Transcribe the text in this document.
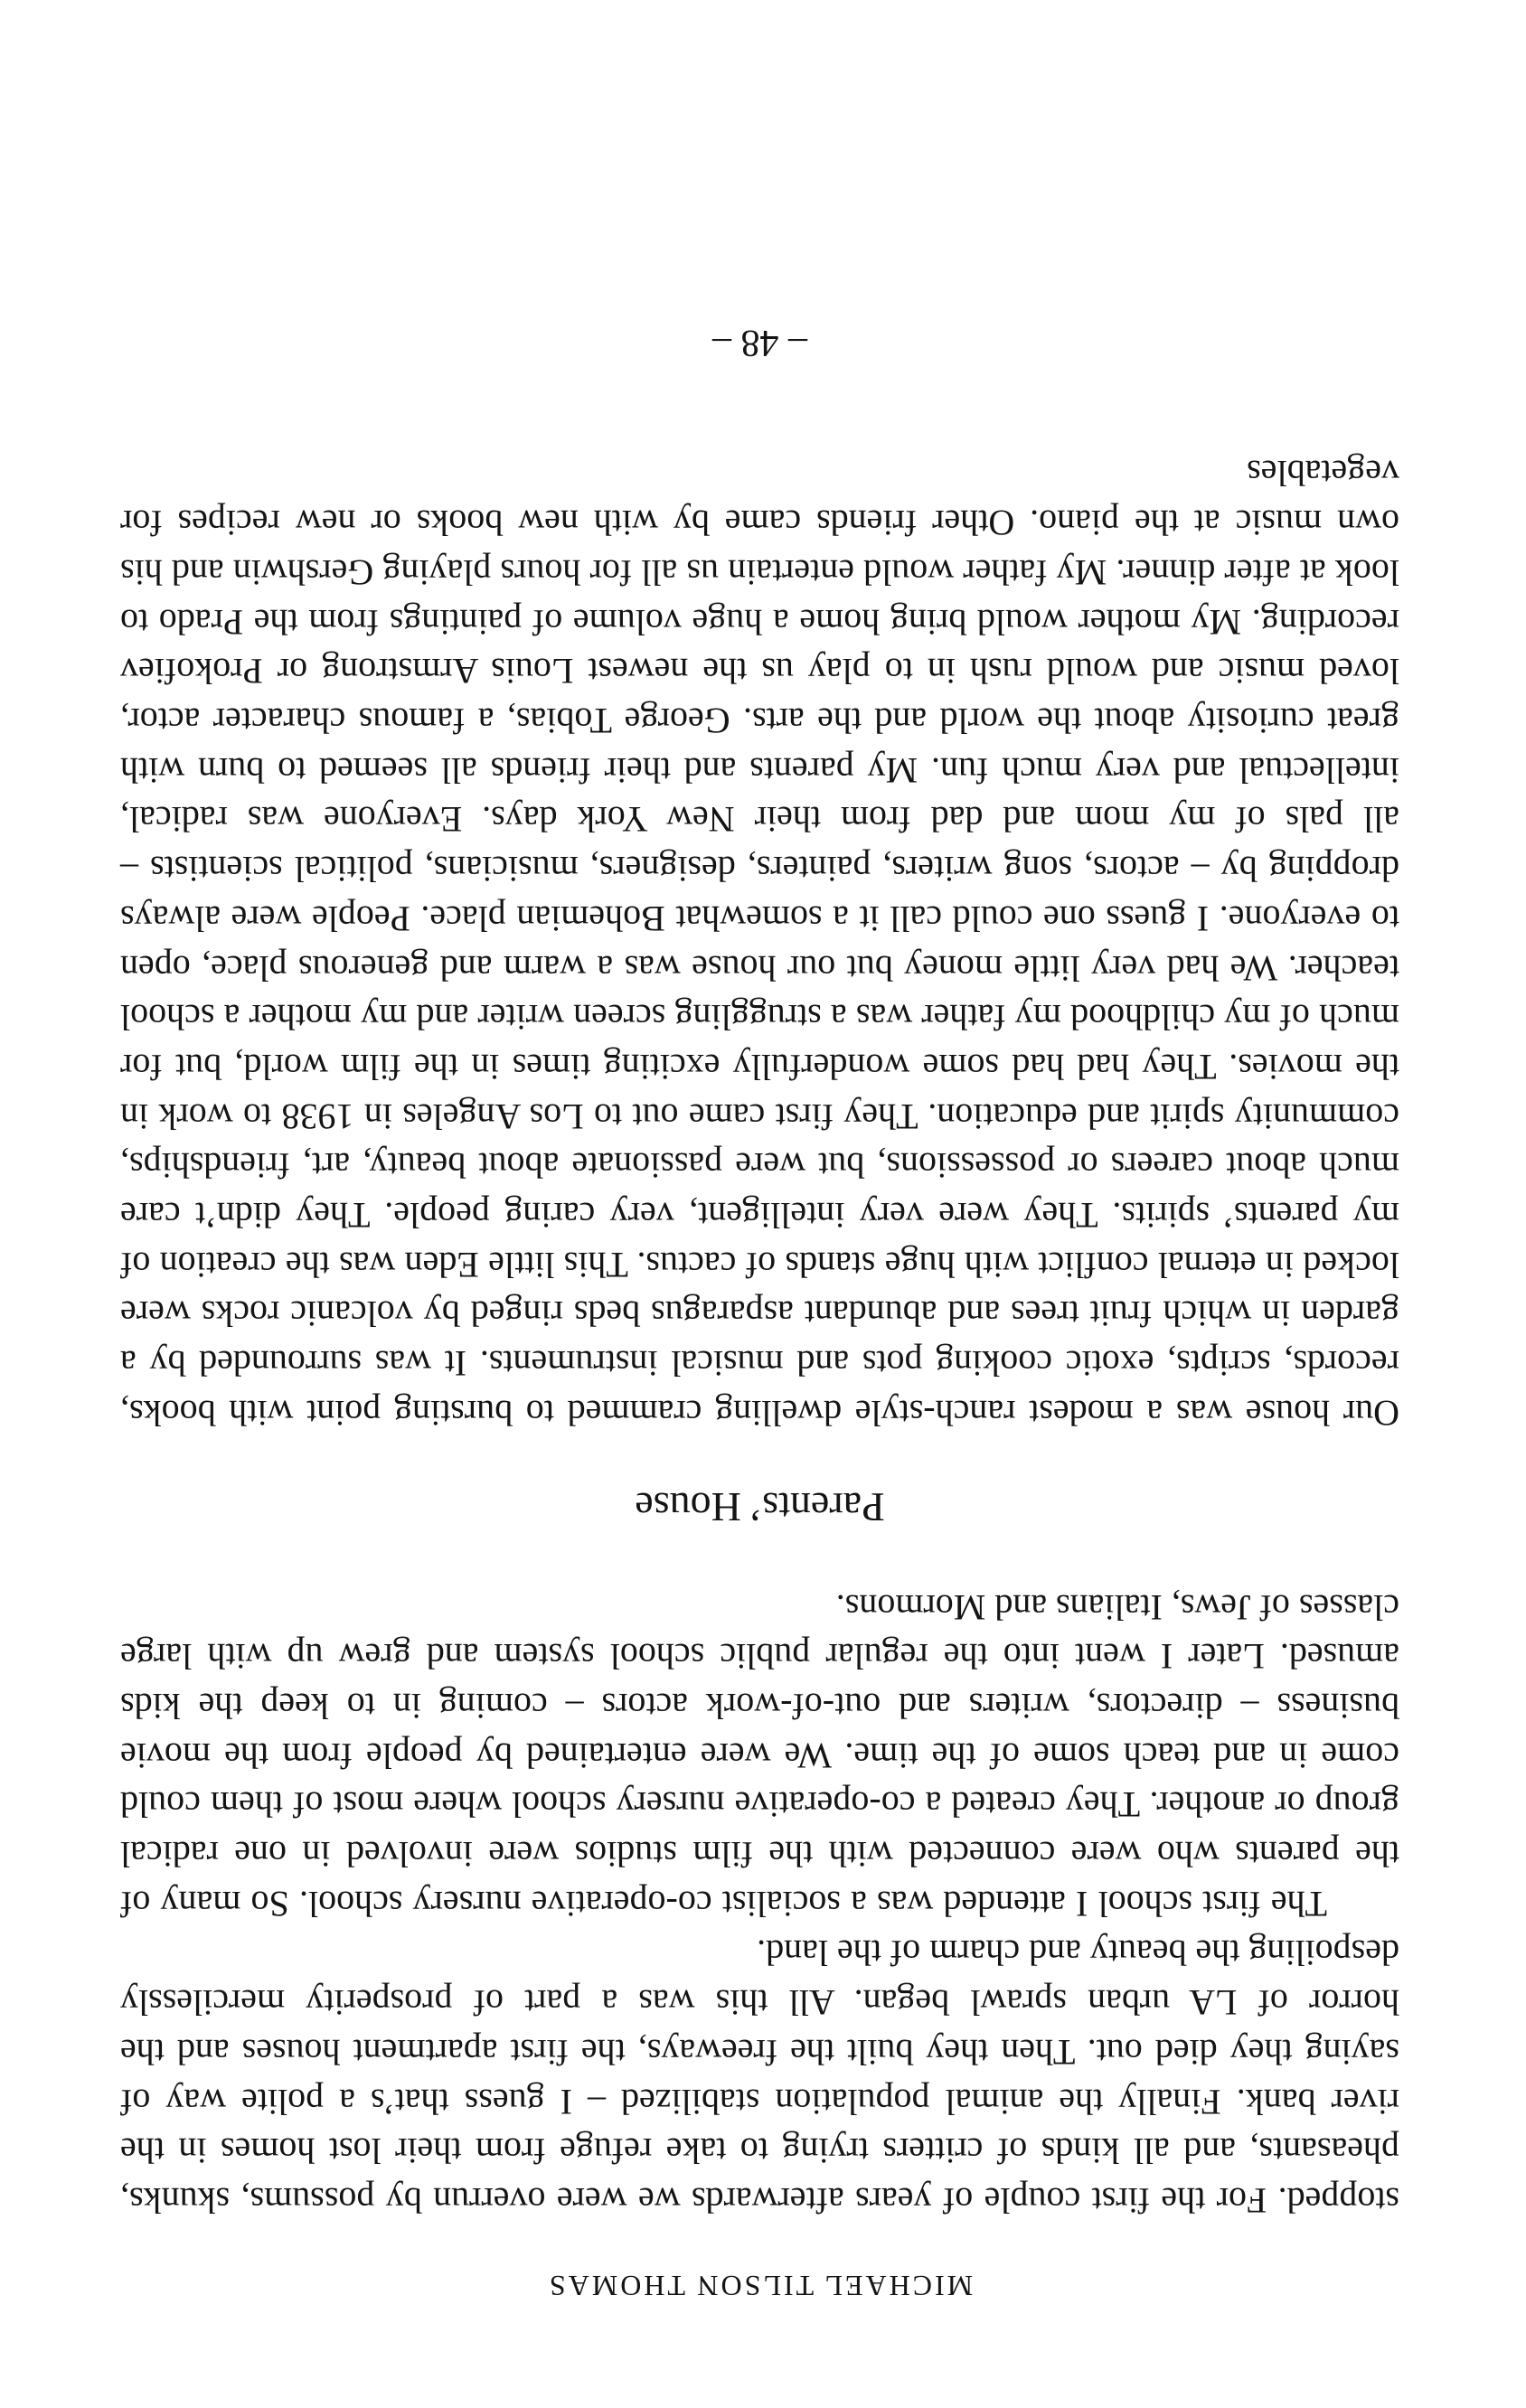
MICHAEL TILSON THOMAS

stopped. For the first couple of years afterwards we were overrun by possums, skunks, pheasants, and all kinds of critters trying to take refuge from their lost homes in the river bank. Finally the animal population stabilized – I guess that’s a polite way of saying they died out. Then they built the freeways, the first apartment houses and the horror of LA urban sprawl began. All this was a part of prosperity mercilessly despoiling the beauty and charm of the land.

The first school I attended was a socialist co-operative nursery school. So many of the parents who were connected with the film studios were involved in one radical group or another. They created a co-operative nursery school where most of them could come in and teach some of the time. We were entertained by people from the movie business – directors, writers and out-of-work actors – coming in to keep the kids amused. Later I went into the regular public school system and grew up with large classes of Jews, Italians and Mormons.

Parents’ House

Our house was a modest ranch-style dwelling crammed to bursting point with books, records, scripts, exotic cooking pots and musical instruments. It was surrounded by a garden in which fruit trees and abundant asparagus beds ringed by volcanic rocks were locked in eternal conflict with huge stands of cactus. This little Eden was the creation of my parents’ spirits. They were very intelligent, very caring people. They didn’t care much about careers or possessions, but were passionate about beauty, art, friendships, community spirit and education. They first came out to Los Angeles in 1938 to work in the movies. They had had some wonderfully exciting times in the film world, but for much of my childhood my father was a struggling screen writer and my mother a school teacher. We had very little money but our house was a warm and generous place, open to everyone. I guess one could call it a somewhat Bohemian place. People were always dropping by – actors, song writers, painters, designers, musicians, political scientists – all pals of my mom and dad from their New York days. Everyone was radical, intellectual and very much fun. My parents and their friends all seemed to burn with great curiosity about the world and the arts. George Tobias, a famous character actor, loved music and would rush in to play us the newest Louis Armstrong or Prokofiev recording. My mother would bring home a huge volume of paintings from the Prado to look at after dinner. My father would entertain us all for hours playing Gershwin and his own music at the piano. Other friends came by with new books or new recipes for vegetables

– 48 –
